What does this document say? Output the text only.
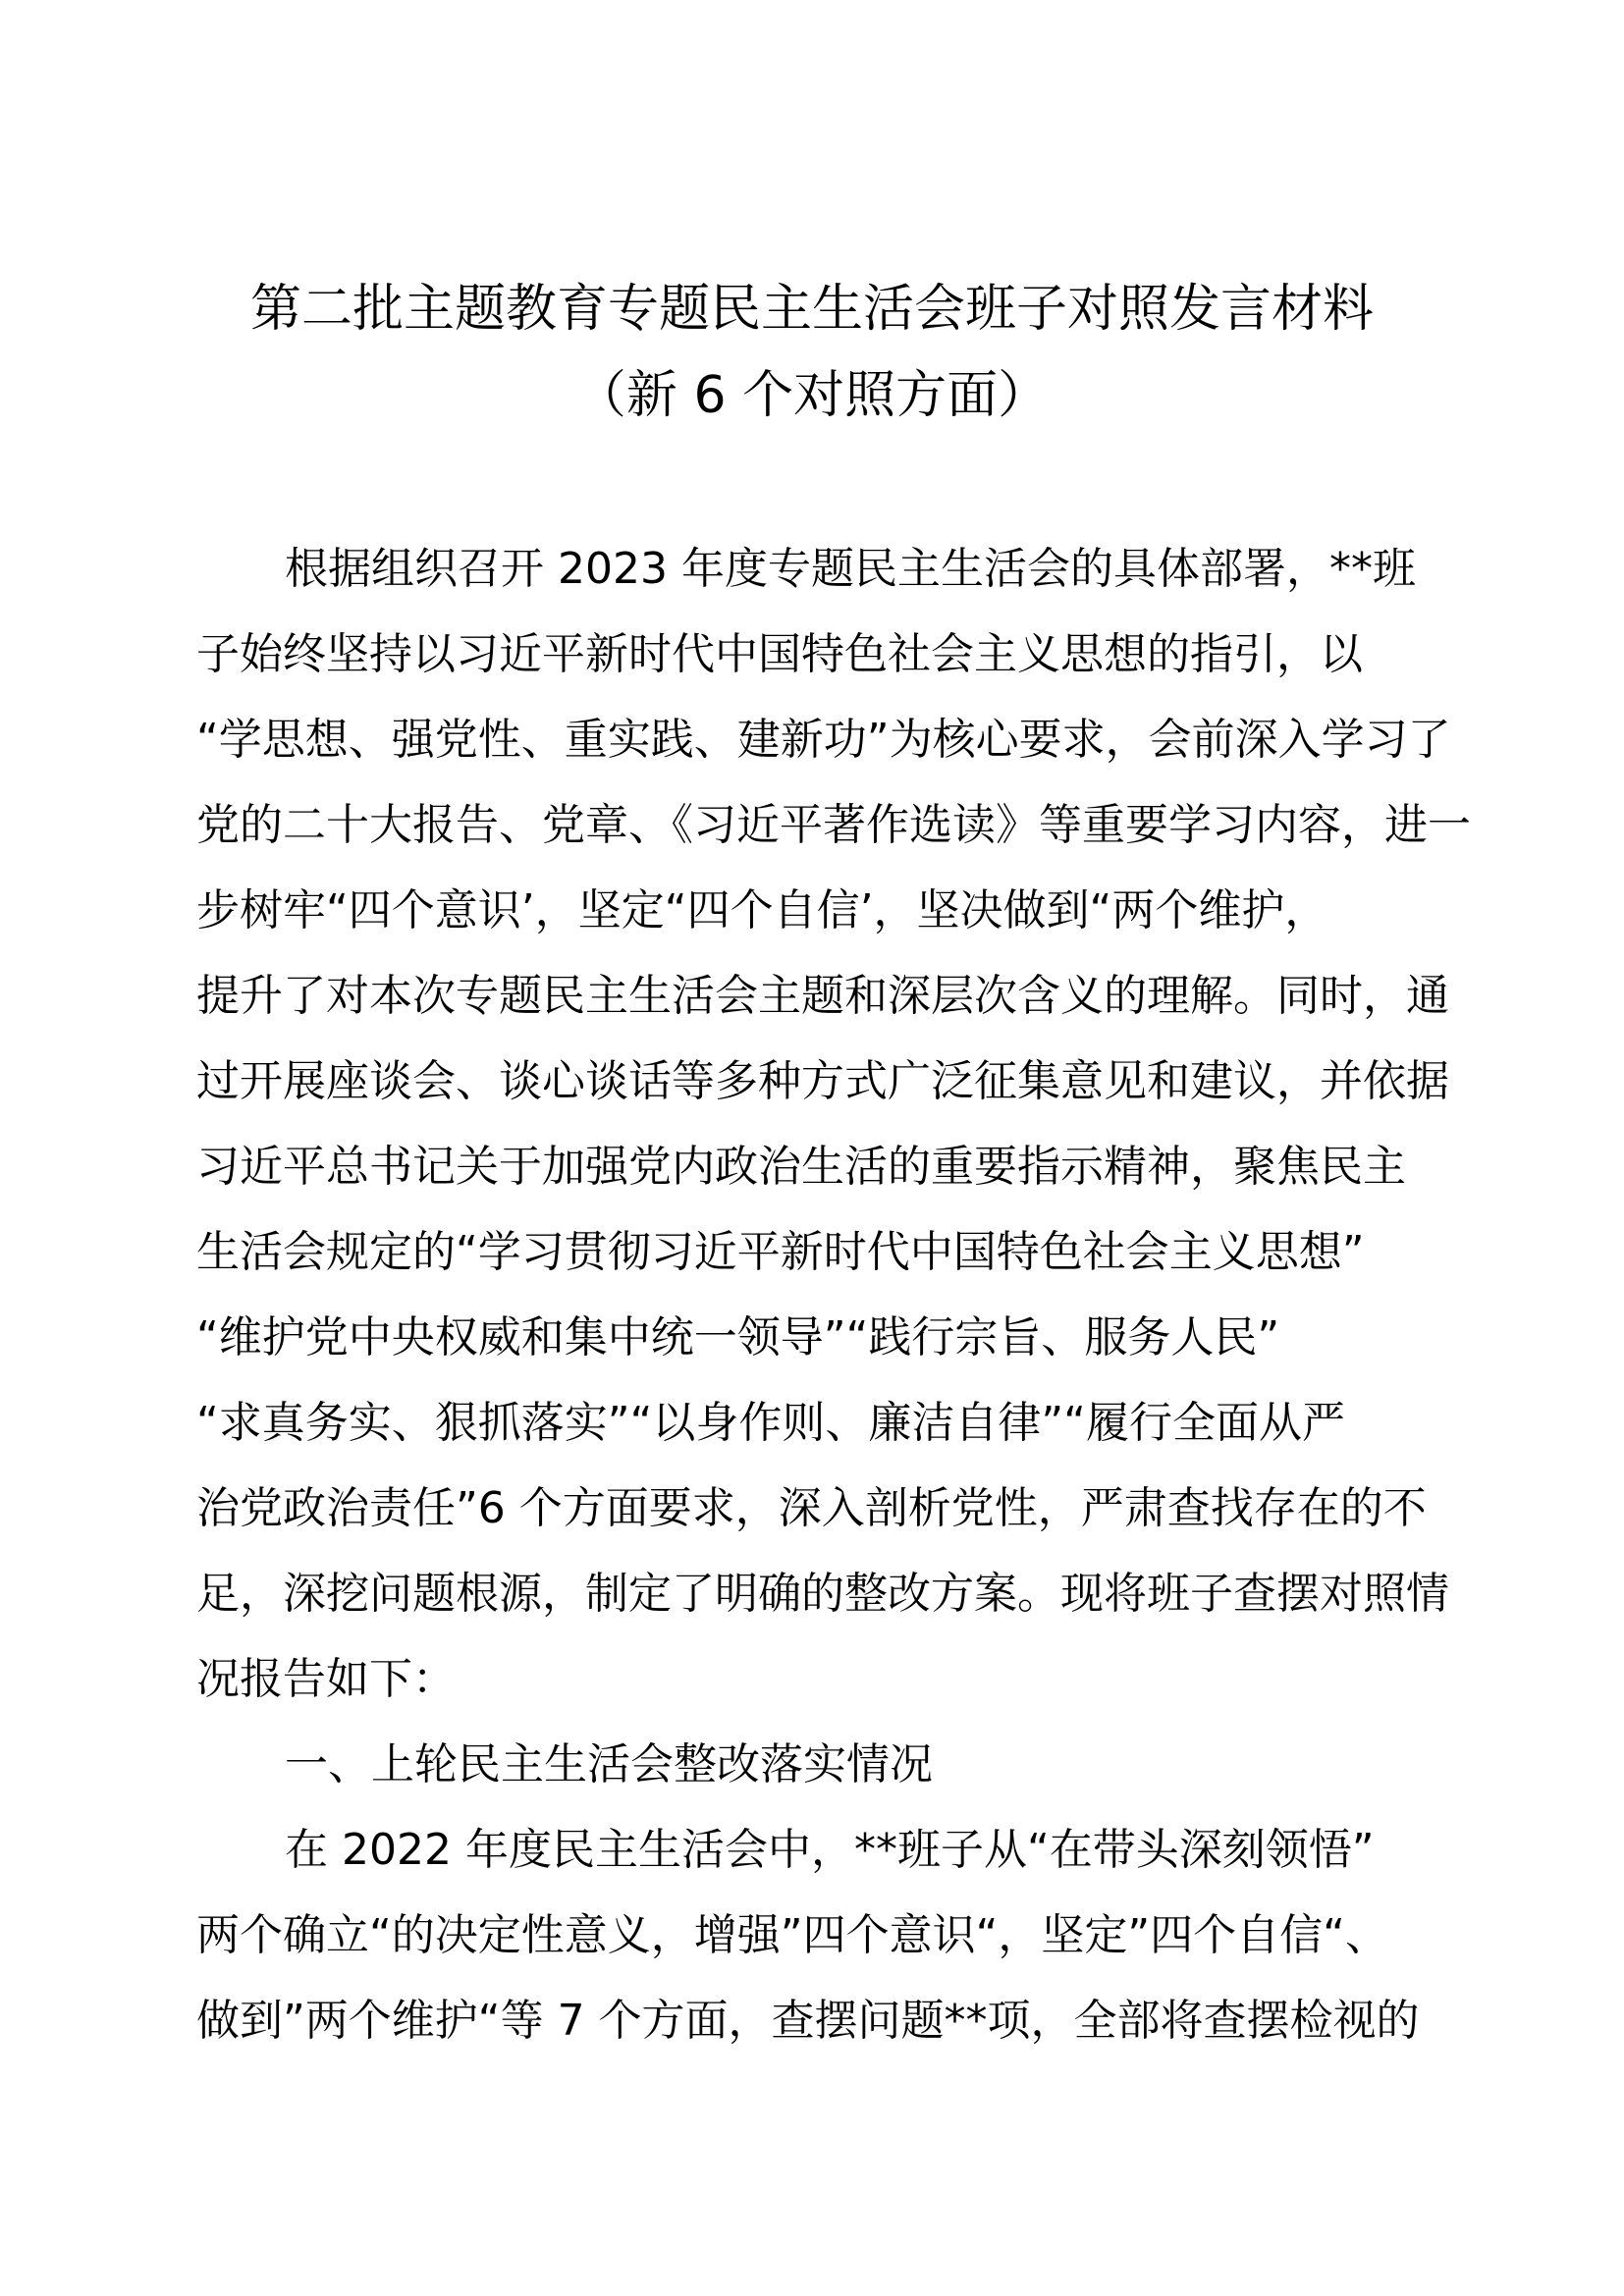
第二批主题教育专题民主生活会班子对照发言材料
（新 6 个对照方面）
根据组织召开 2023 年度专题民主生活会的具体部署，**班
子始终坚持以习近平新时代中国特色社会主义思想的指引，以
“学思想、强党性、重实践、建新功”为核心要求，会前深入学习了
党的二十大报告、党章、《习近平著作选读》等重要学习内容，进一
步树牢“四个意识’，坚定“四个自信’，坚决做到“两个维护，
提升了对本次专题民主生活会主题和深层次含义的理解。同时，通
过开展座谈会、谈心谈话等多种方式广泛征集意见和建议，并依据
习近平总书记关于加强党内政治生活的重要指示精神，聚焦民主
生活会规定的“学习贯彻习近平新时代中国特色社会主义思想”
“维护党中央权威和集中统一领导”“践行宗旨、服务人民”
“求真务实、狠抓落实”“以身作则、廉洁自律”“履行全面从严
治党政治责任”6 个方面要求，深入剖析党性，严肃查找存在的不
足，深挖问题根源，制定了明确的整改方案。现将班子查摆对照情
况报告如下：
一、上轮民主生活会整改落实情况
在 2022 年度民主生活会中，**班子从“在带头深刻领悟”
两个确立“的决定性意义，增强”四个意识“，坚定”四个自信“、
做到”两个维护“等 7 个方面，查摆问题**项，全部将查摆检视的
